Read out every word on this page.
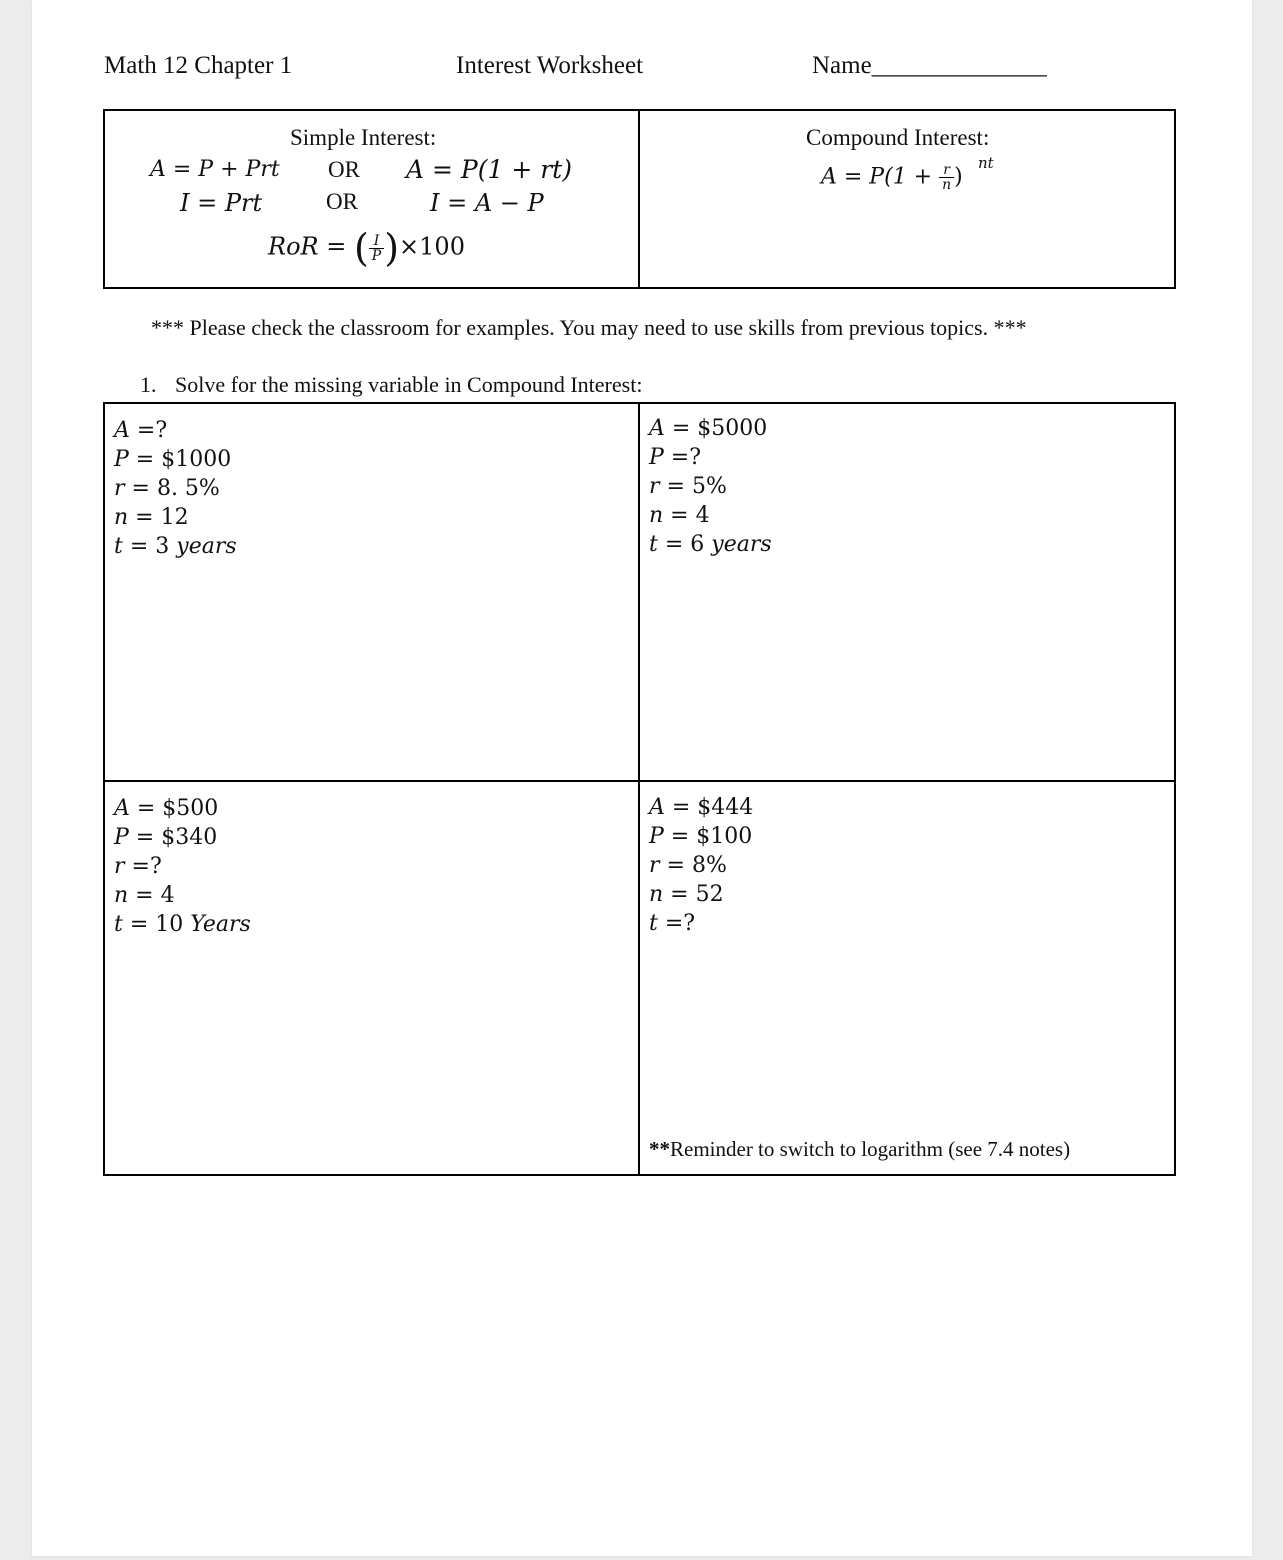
Math 12 Chapter 1	Interest Worksheet	Name______________
Simple Interest:
A = P + Prt OR A = P(1 + rt)
I = Prt	OR	I = A − P
RoR = ( $\frac{I}{P} )\times 100$
Compound Interest:
$A = P(1 + \frac{r}{n}$ )
nt
*** Please check the classroom for examples. You may need to use skills from previous topics. ***
1. Solve for the missing variable in Compound Interest:
A =?
P = $1000
r = 8. 5%
n = 12
t = 3 years
A = $5000
P =?
r = 5%
n = 4
t = 6 years
A = $500
P = $340
r =?
n = 4
t = 10 Years
A = $444
P = $100
r = 8%
n = 52
t =?
**Reminder to switch to logarithm (see 7.4 notes)
